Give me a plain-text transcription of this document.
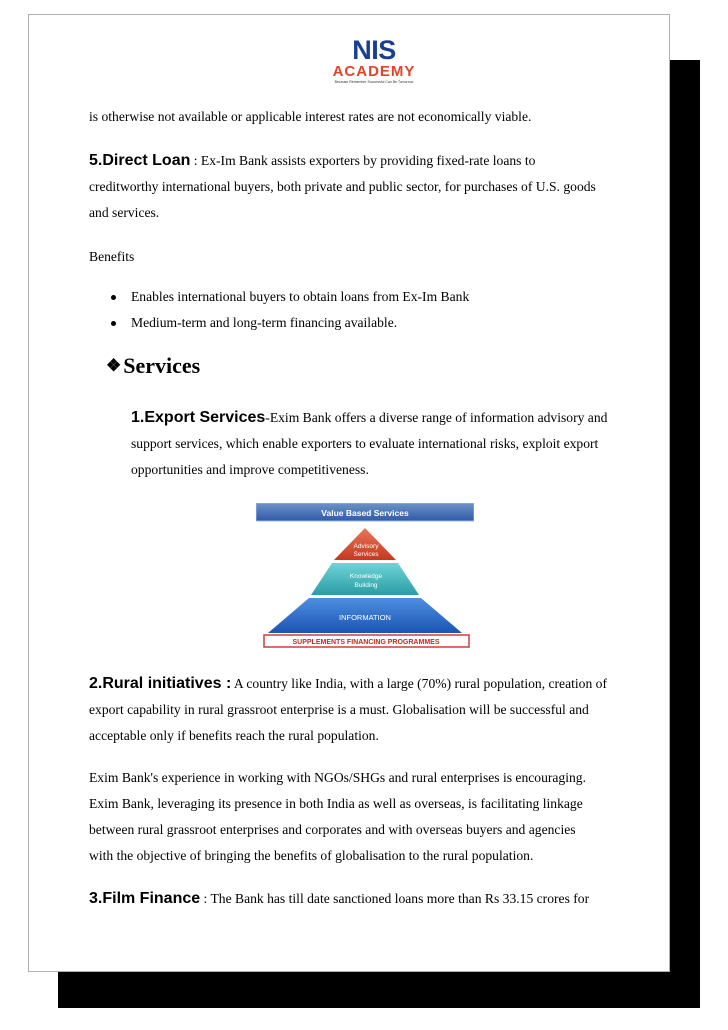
NIS
ACADEMY
Because Remember Successful Can Be Tomorrow
is otherwise not available or applicable interest rates are not economically viable.
5.Direct Loan : Ex-Im Bank assists exporters by providing fixed-rate loans to
creditworthy international buyers, both private and public sector, for purchases of U.S. goods
and services.
Benefits
Enables international buyers to obtain loans from Ex-Im Bank
Medium-term and long-term financing available.
❖Services
1.Export Services-Exim Bank offers a diverse range of information advisory and
support services, which enable exporters to evaluate international risks, exploit export
opportunities and improve competitiveness.
2.Rural initiatives : A country like India, with a large (70%) rural population, creation of
export capability in rural grassroot enterprise is a must. Globalisation will be successful and
acceptable only if benefits reach the rural population.
Exim Bank's experience in working with NGOs/SHGs and rural enterprises is encouraging.
Exim Bank, leveraging its presence in both India as well as overseas, is facilitating linkage
between rural grassroot enterprises and corporates and with overseas buyers and agencies
with the objective of bringing the benefits of globalisation to the rural population.
3.Film Finance : The Bank has till date sanctioned loans more than Rs 33.15 crores for
Value Based Services
Advisory
Services
Knowledge
Building
INFORMATION
SUPPLEMENTS FINANCING PROGRAMMES
